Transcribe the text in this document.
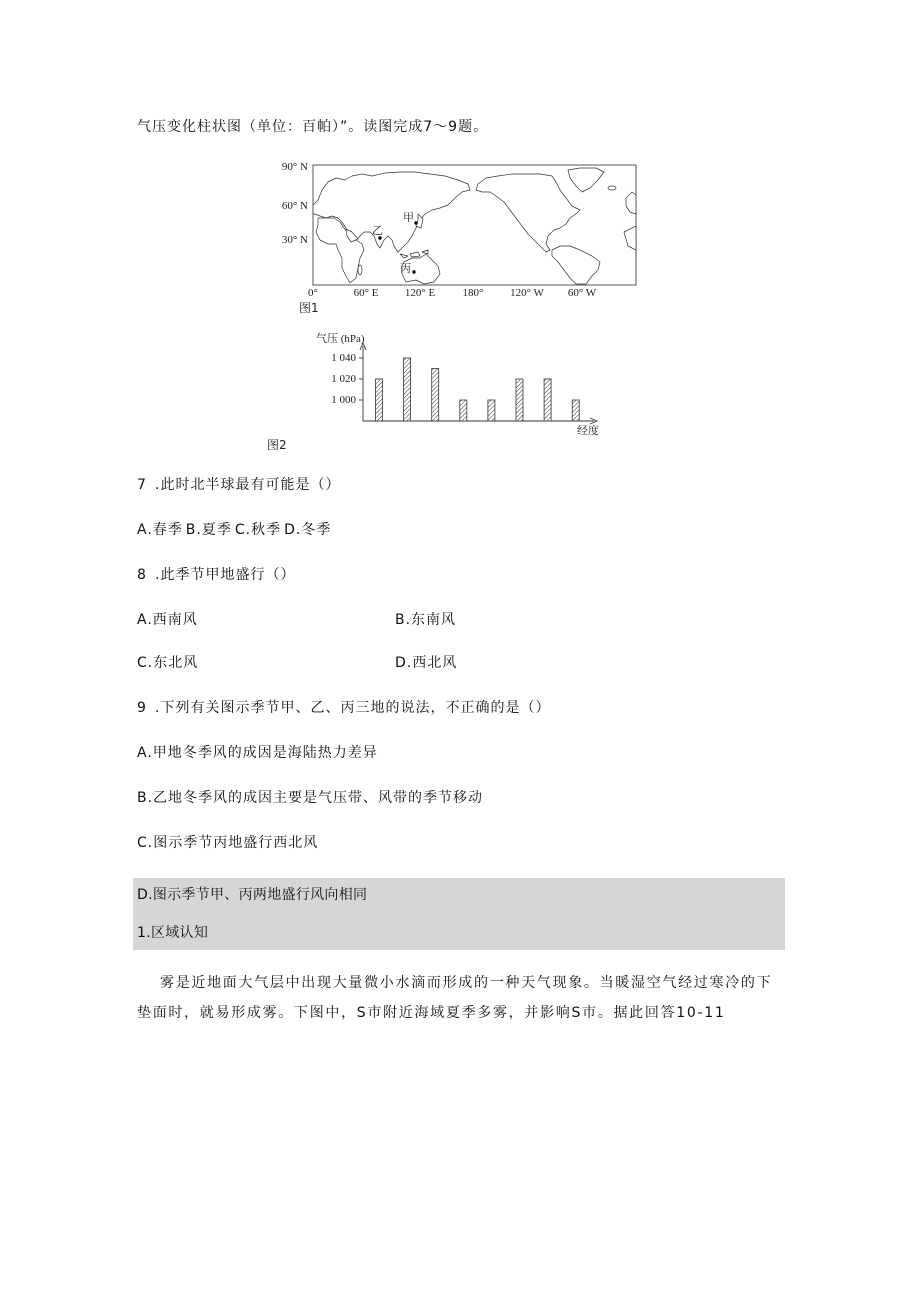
气压变化柱状图（单位：百帕）”。读图完成7～9题。
90° N
60° N
30° N
0°	60° E	120° E	180°	120° W	60° W
甲
乙
丙
图1
气压 (hPa)
1 040
1 020
1 000
经度
图2
7 .此时北半球最有可能是（）
A.春季 B.夏季 C.秋季 D.冬季
8 .此季节甲地盛行（）
A.西南风	B.东南风
C.东北风	D.西北风
9 .下列有关图示季节甲、乙、丙三地的说法，不正确的是（）
A.甲地冬季风的成因是海陆热力差异
B.乙地冬季风的成因主要是气压带、风带的季节移动
C.图示季节丙地盛行西北风
D.图示季节甲、丙两地盛行风向相同
1.区域认知
雾是近地面大气层中出现大量微小水滴而形成的一种天气现象。当暖湿空气经过寒冷的下
垫面时，就易形成雾。下图中，S市附近海域夏季多雾，并影响S市。据此回答10-11
